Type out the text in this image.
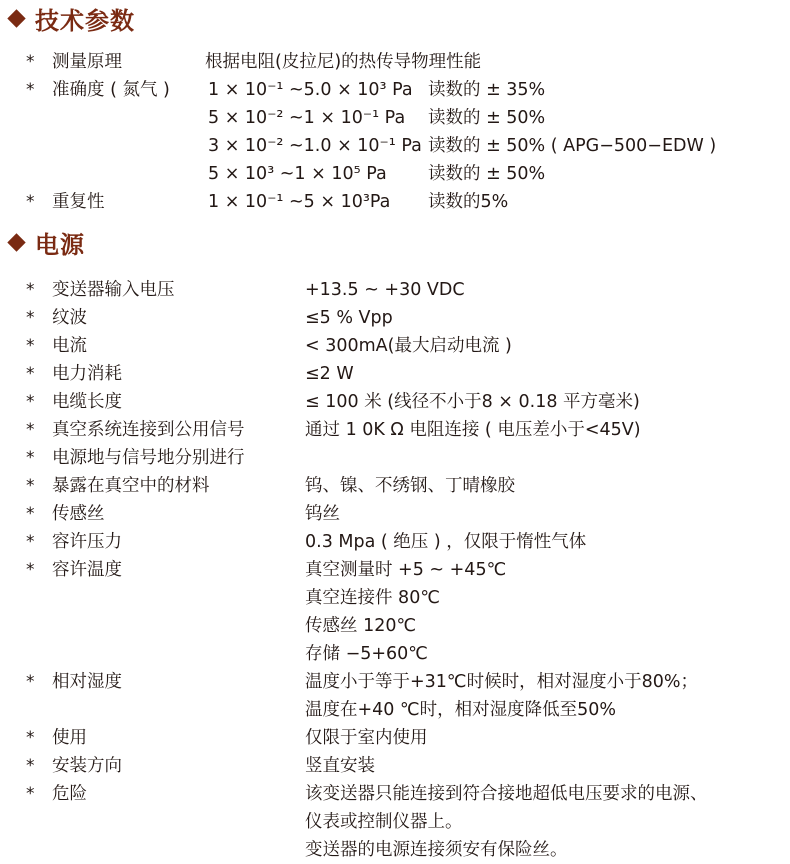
技术参数
* 测量原理	根据电阻(皮拉尼)的热传导物理性能
* 准确度 ( 氮气 ) 1 × 10⁻¹ ~5.0 × 10³ Pa 读数的 ± 35%
5 × 10⁻² ~1 × 10⁻¹ Pa 读数的 ± 50%
3 × 10⁻² ~1.0 × 10⁻¹ Pa 读数的 ± 50% ( APG−500−EDW )
5 × 10³ ~1 × 10⁵ Pa 读数的 ± 50%
* 重复性	1 × 10⁻¹ ~5 × 10³Pa 读数的5%
电源
* 变送器输入电压	+13.5 ~ +30 VDC
* 纹波	≤5 % Vpp
* 电流	< 300mA(最大启动电流 )
* 电力消耗	≤2 W
* 电缆长度	≤ 100 米 (线径不小于8 × 0.18 平方毫米)
* 真空系统连接到公用信号	通过 1 0K Ω 电阻连接 ( 电压差小于<45V)
* 电源地与信号地分别进行
* 暴露在真空中的材料	钨、镍、不绣钢、丁晴橡胶
* 传感丝	钨丝
* 容许压力	0.3 Mpa ( 绝压 ) ，仅限于惰性气体
* 容许温度	真空测量时 +5 ~ +45℃
真空连接件 80℃
传感丝 120℃
存储 −5+60℃
* 相对湿度	温度小于等于+31℃时候时，相对湿度小于80%；
温度在+40 ℃时，相对湿度降低至50%
* 使用	仅限于室内使用
* 安装方向	竖直安装
* 危险	该变送器只能连接到符合接地超低电压要求的电源、
仪表或控制仪器上。
变送器的电源连接须安有保险丝。
